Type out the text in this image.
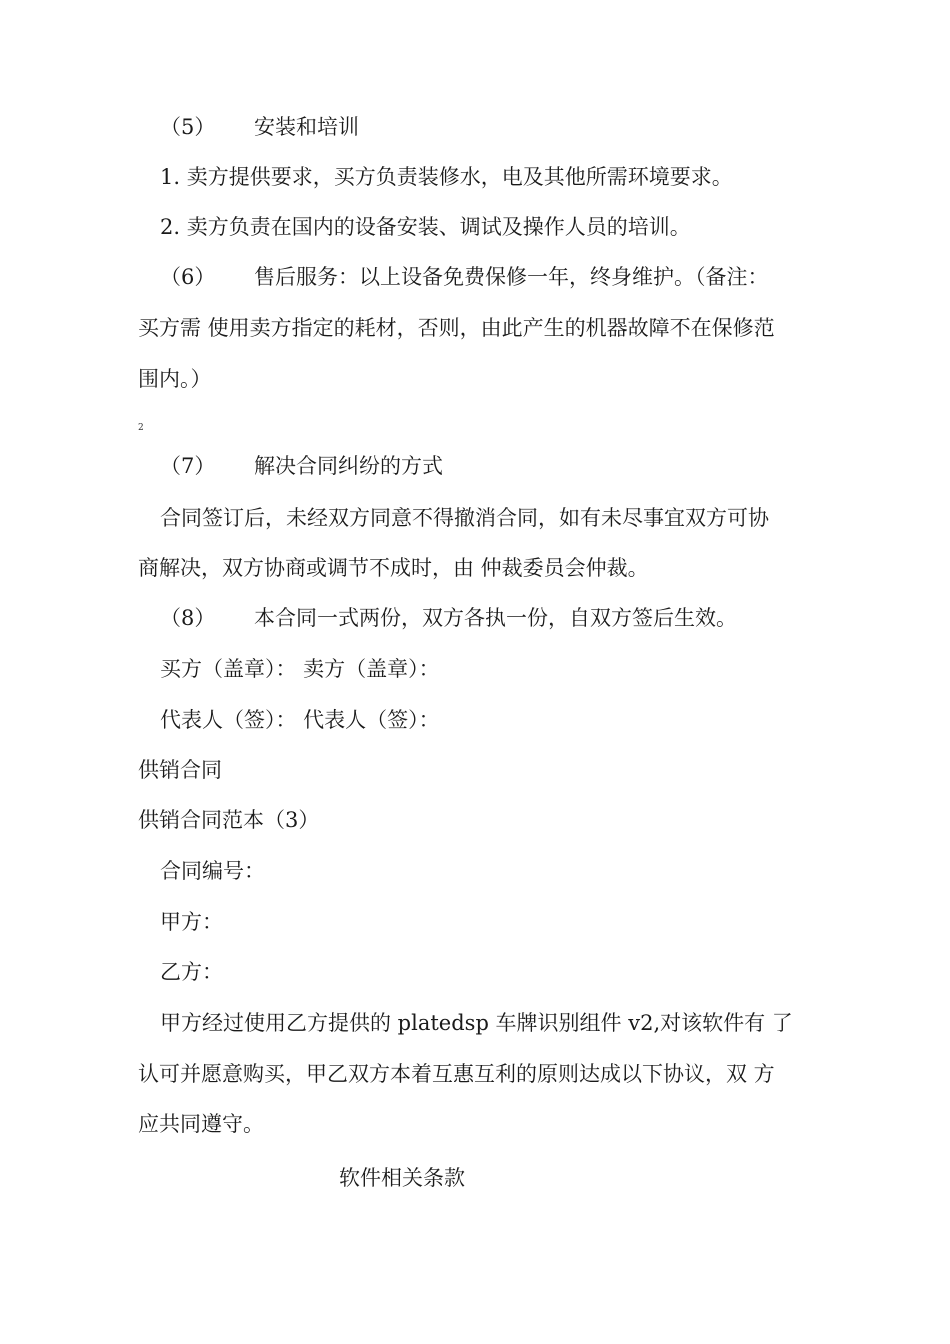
（5） 安装和培训
1. 卖方提供要求，买方负责装修水，电及其他所需环境要求。
2. 卖方负责在国内的设备安装、调试及操作人员的培训。
（6） 售后服务：以上设备免费保修一年，终身维护。（备注：
买方需 使用卖方指定的耗材，否则，由此产生的机器故障不在保修范
围内。）
2
（7） 解决合同纠纷的方式
合同签订后，未经双方同意不得撤消合同，如有未尽事宜双方可协
商解决，双方协商或调节不成时，由 仲裁委员会仲裁。
（8） 本合同一式两份，双方各执一份，自双方签后生效。
买方（盖章）： 卖方（盖章）：
代表人（签）： 代表人（签）：
供销合同
供销合同范本（3）
合同编号：
甲方：
乙方：
甲方经过使用乙方提供的 platedsp 车牌识别组件 v2,对该软件有 了
认可并愿意购买，甲乙双方本着互惠互利的原则达成以下协议，双 方
应共同遵守。
软件相关条款
